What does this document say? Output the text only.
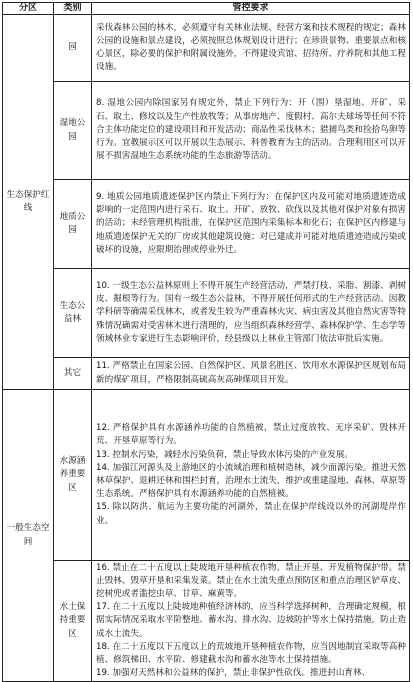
分区	类别	管控要求
生态保护红线	园	采伐森林公园的林木，必须遵守有关林业法规、经营方案和技术规程的规定；森林公园的设施和景点建设，必须按照总体规划设计进行；在珍贵景物、重要景点和核心景区，除必要的保护和附属设施外，不得建设宾馆、招待所、疗养院和其他工程设施。

	湿地公园	8. 湿地公园内除国家另有规定外，禁止下列行为：开（围）垦湿地、开矿、采石、取土、修坟以及生产性放牧等；从事房地产、度假村、高尔夫球场等任何不符合主体功能定位的建设项目和开发活动；商品性采伐林木；猎捕鸟类和捡拾鸟卵等行为。宜教展示区可以开展以生态展示、科普教育为主的活动。合理利用区可以开展不损害湿地生态系统功能的生态旅游等活动。

	地质公园	9. 地质公园地质遗迹保护区内禁止下列行为：在保护区内及可能对地质遗迹造成影响的一定范围内进行采石、取土、开矿、放牧、砍伐以及其他对保护对象有损害的活动；未经管理机构批准，在保护区范围内采集标本和化石；在保护区内修建与地质遗迹保护无关的厂房或其他建筑设施；对已建成并可能对地质遗迹造成污染或破坏的设施，应限期治理或停业外迁。

	生态公益林	10. 一级生态公益林原则上不得开展生产经营活动，严禁打枝、采脂、割漆、剥树皮、掘根等行为。国有一级生态公益林，不得开展任何形式的生产经营活动。因教学科研等确需采伐林木，或者发生较为严重森林火灾、病虫害及其他自然灾害等特殊情况确需对受害林木进行清理的，应当组织森林经营学、森林保护学、生态学等领域林业专家进行生态影响评价，经县级以上林业主管部门依法审批后实施。

	其它	11. 严格禁止在国家公园、自然保护区、风景名胜区、饮用水水源保护区规划布局新的煤矿项目，严格限制高硫高灰高砷煤项目开发。

一般生态空间	水源涵养重要区	12. 严格保护具有水源涵养功能的自然植被，禁止过度放牧、无序采矿、毁林开荒、开垦草原等行为。
13. 控制水污染，减轻水污染负荷，禁止导致水体污染的产业发展。
14. 加强江河源头及上游地区的小流域治理和植树造林，减少面源污染。推进天然林草保护、退耕还林和围栏封育，治理水土流失，维护或重建湿地、森林、草原等生态系统。严格保护具有水源涵养功能的自然植被。
15. 除以防洪、航运为主要功能的河湖外，禁止在保护岸线设以外的河湖堤岸作业。

	水土保持重要区	16. 禁止在二十五度以上陡坡地开垦种植农作物。禁止开垦、开发植物保护带。禁止毁林、毁草开垦和采集发菜。禁止在水土流失重点预防区和重点治理区铲草皮、挖树兜或者滥挖虫草、甘草、麻黄等。
17. 在二十五度以上陡坡地种植经济林的，应当科学选择树种，合理确定规模，根据实际情况采取水平阶整地、蓄水沟、排水沟、边坡防护等水土保持措施，防止造成水土流失。
18. 在二十五度以下五度以上的荒坡地开垦种植农作物，应当因地制宜采取等高种植、修筑梯田、水平阶、修建截水沟和蓄水池等水土保持措施。
19. 加强对天然林和公益林的保护，禁止非保护性砍伐。推进封山育林、
